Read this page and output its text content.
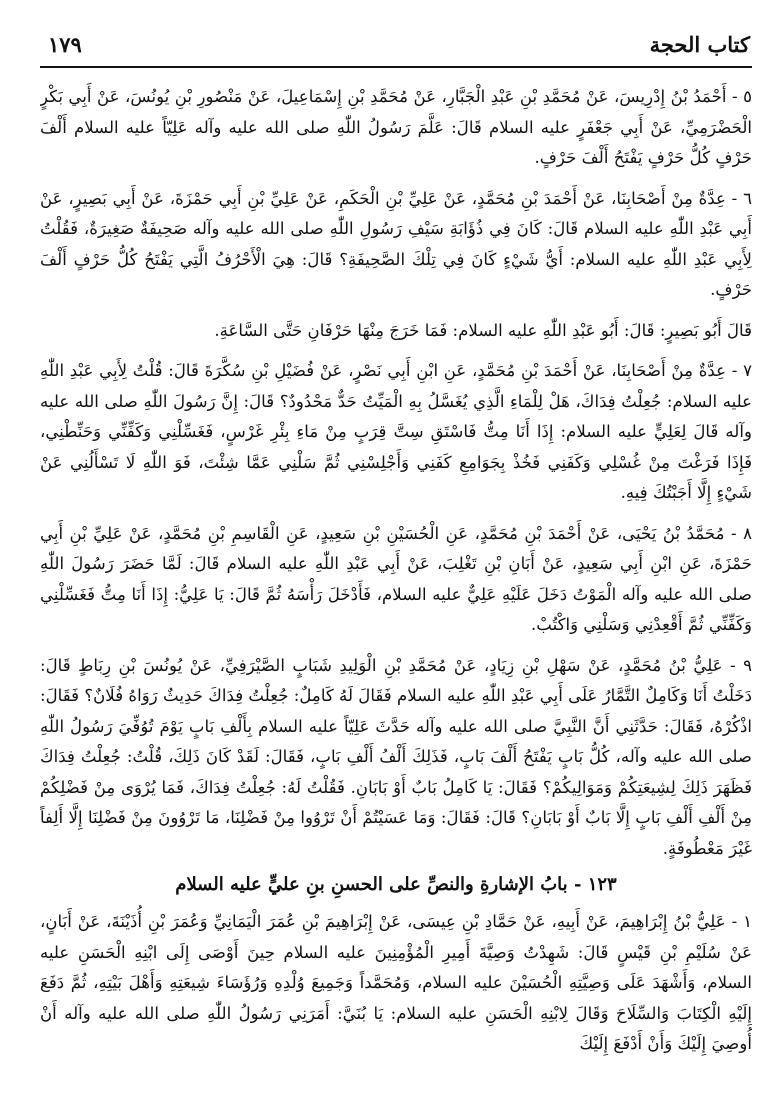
١٧٩	كتاب الحجة

٥ - أَحْمَدُ بْنُ إِدْرِيسَ، عَنْ مُحَمَّدِ بْنِ عَبْدِ الْجَبَّارِ، عَنْ مُحَمَّدِ بْنِ إِسْمَاعِيلَ، عَنْ مَنْصُورِ بْنِ يُونُسَ، عَنْ أَبِي بَكْرٍ الْحَضْرَمِيِّ، عَنْ أَبِي جَعْفَرٍ عليه السلام قَالَ: عَلَّمَ رَسُولُ اللّٰهِ صلى الله عليه وآله عَلِيّاً عليه السلام أَلْفَ حَرْفٍ كُلُّ حَرْفٍ يَفْتَحُ أَلْفَ حَرْفٍ.

٦ - عِدَّةٌ مِنْ أَصْحَابِنَا، عَنْ أَحْمَدَ بْنِ مُحَمَّدٍ، عَنْ عَلِيِّ بْنِ الْحَكَمِ، عَنْ عَلِيِّ بْنِ أَبِي حَمْزَةَ، عَنْ أَبِي بَصِيرٍ، عَنْ أَبِي عَبْدِ اللّٰهِ عليه السلام قَالَ: كَانَ فِي ذُؤَابَةِ سَيْفِ رَسُولِ اللّٰهِ صلى الله عليه وآله صَحِيفَةٌ صَغِيرَةٌ، فَقُلْتُ لِأَبِي عَبْدِ اللّٰهِ عليه السلام: أَيُّ شَيْءٍ كَانَ فِي تِلْكَ الصَّحِيفَةِ؟ قَالَ: هِيَ الْأَحْرُفُ الَّتِي يَفْتَحُ كُلُّ حَرْفٍ أَلْفَ حَرْفٍ.

قَالَ أَبُو بَصِيرٍ: قَالَ: أَبُو عَبْدِ اللّٰهِ عليه السلام: فَمَا خَرَجَ مِنْهَا حَرْفَانِ حَتَّى السَّاعَةِ.

٧ - عِدَّةٌ مِنْ أَصْحَابِنَا، عَنْ أَحْمَدَ بْنِ مُحَمَّدٍ، عَنِ ابْنِ أَبِي نَصْرٍ، عَنْ فُضَيْلِ بْنِ سُكَّرَةَ قَالَ: قُلْتُ لِأَبِي عَبْدِ اللّٰهِ عليه السلام: جُعِلْتُ فِدَاكَ، هَلْ لِلْمَاءِ الَّذِي يُغَسَّلُ بِهِ الْمَيِّتُ حَدٌّ مَحْدُودٌ؟ قَالَ: إِنَّ رَسُولَ اللّٰهِ صلى الله عليه وآله قَالَ لِعَلِيٍّ عليه السلام: إِذَا أَنَا مِتُّ فَاسْتَقِ سِتَّ قِرَبٍ مِنْ مَاءِ بِئْرِ غَرْسٍ، فَغَسِّلْنِي وَكَفِّنِّي وَحَنِّطْنِي، فَإِذَا فَرَغْتَ مِنْ غُسْلِي وَكَفَنِي فَخُذْ بِجَوَامِعِ كَفَنِي وَأَجْلِسْنِي ثُمَّ سَلْنِي عَمَّا شِئْتَ، فَوَ اللّٰهِ لَا تَسْأَلُنِي عَنْ شَيْءٍ إِلَّا أَجَبْتُكَ فِيهِ.

٨ - مُحَمَّدُ بْنُ يَحْيَى، عَنْ أَحْمَدَ بْنِ مُحَمَّدٍ، عَنِ الْحُسَيْنِ بْنِ سَعِيدٍ، عَنِ الْقَاسِمِ بْنِ مُحَمَّدٍ، عَنْ عَلِيِّ بْنِ أَبِي حَمْزَةَ، عَنِ ابْنِ أَبِي سَعِيدٍ، عَنْ أَبَانِ بْنِ تَغْلِبَ، عَنْ أَبِي عَبْدِ اللّٰهِ عليه السلام قَالَ: لَمَّا حَضَرَ رَسُولَ اللّٰهِ صلى الله عليه وآله الْمَوْتُ دَخَلَ عَلَيْهِ عَلِيٌّ عليه السلام، فَأَدْخَلَ رَأْسَهُ ثُمَّ قَالَ: يَا عَلِيُّ: إِذَا أَنَا مِتُّ فَغَسِّلْنِي وَكَفِّنِّي ثُمَّ أَقْعِدْنِي وَسَلْنِي وَاكْتُبْ.

٩ - عَلِيُّ بْنُ مُحَمَّدٍ، عَنْ سَهْلِ بْنِ زِيَادٍ، عَنْ مُحَمَّدِ بْنِ الْوَلِيدِ شَبَابٍ الصَّيْرَفِيِّ، عَنْ يُونُسَ بْنِ رِبَاطٍ قَالَ: دَخَلْتُ أَنَا وَكَامِلٌ التَّمَّارُ عَلَى أَبِي عَبْدِ اللّٰهِ عليه السلام فَقَالَ لَهُ كَامِلٌ: جُعِلْتُ فِدَاكَ حَدِيثٌ رَوَاهُ فُلَانٌ؟ فَقَالَ: اذْكُرْهُ، فَقَالَ: حَدَّثَنِي أَنَّ النَّبِيَّ صلى الله عليه وآله حَدَّثَ عَلِيّاً عليه السلام بِأَلْفِ بَابٍ يَوْمَ تُوُفِّيَ رَسُولُ اللّٰهِ صلى الله عليه وآله، كُلُّ بَابٍ يَفْتَحُ أَلْفَ بَابٍ، فَذَلِكَ أَلْفُ أَلْفِ بَابٍ، فَقَالَ: لَقَدْ كَانَ ذَلِكَ، قُلْتُ: جُعِلْتُ فِدَاكَ فَظَهَرَ ذَلِكَ لِشِيعَتِكُمْ وَمَوَالِيكُمْ؟ فَقَالَ: يَا كَامِلُ بَابٌ أَوْ بَابَانِ. فَقُلْتُ لَهُ: جُعِلْتُ فِدَاكَ، فَمَا يُرْوَى مِنْ فَضْلِكُمْ مِنْ أَلْفِ أَلْفِ بَابٍ إِلَّا بَابٌ أَوْ بَابَانِ؟ قَالَ: فَقَالَ: وَمَا عَسَيْتُمْ أَنْ تَرْوُوا مِنْ فَضْلِنَا، مَا تَرْوُونَ مِنْ فَضْلِنَا إِلَّا أَلِفاً غَيْرَ مَعْطُوفَةٍ.

١٢٣ - بابُ الإشارةِ والنصِّ على الحسنِ بنِ عليٍّ عليه السلام

١ - عَلِيُّ بْنُ إِبْرَاهِيمَ، عَنْ أَبِيهِ، عَنْ حَمَّادِ بْنِ عِيسَى، عَنْ إِبْرَاهِيمَ بْنِ عُمَرَ الْيَمَانِيِّ وَعُمَرَ بْنِ أُذَيْنَةَ، عَنْ أَبَانٍ، عَنْ سُلَيْمِ بْنِ قَيْسٍ قَالَ: شَهِدْتُ وَصِيَّةَ أَمِيرِ الْمُؤْمِنِينَ عليه السلام حِينَ أَوْصَى إِلَى ابْنِهِ الْحَسَنِ عليه السلام، وَأَشْهَدَ عَلَى وَصِيَّتِهِ الْحُسَيْنَ عليه السلام، وَمُحَمَّداً وَجَمِيعَ وُلْدِهِ وَرُؤَسَاءَ شِيعَتِهِ وَأَهْلَ بَيْتِهِ، ثُمَّ دَفَعَ إِلَيْهِ الْكِتَابَ وَالسِّلَاحَ وَقَالَ لِابْنِهِ الْحَسَنِ عليه السلام: يَا بُنَيَّ: أَمَرَنِي رَسُولُ اللّٰهِ صلى الله عليه وآله أَنْ أُوصِيَ إِلَيْكَ وَأَنْ أَدْفَعَ إِلَيْكَ
